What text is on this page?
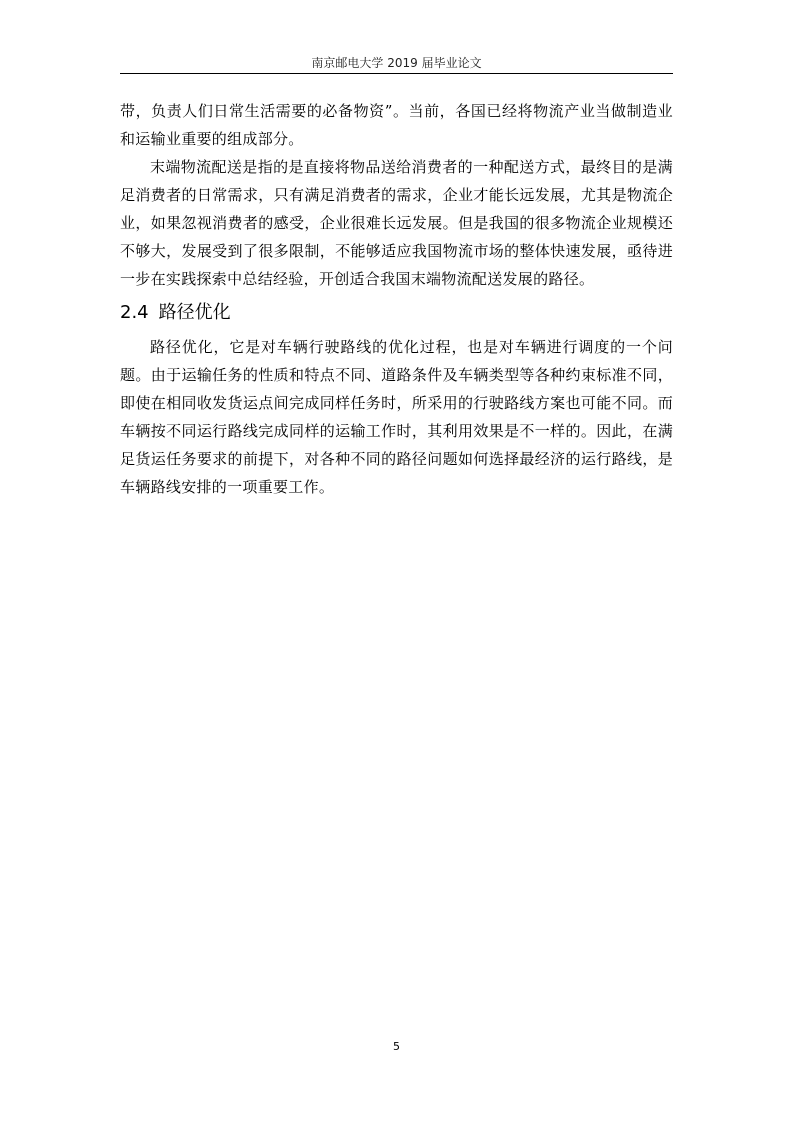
南京邮电大学 2019 届毕业论文

带，负责人们日常生活需要的必备物资”。当前，各国已经将物流产业当做制造业和运输业重要的组成部分。

末端物流配送是指的是直接将物品送给消费者的一种配送方式，最终目的是满足消费者的日常需求，只有满足消费者的需求，企业才能长远发展，尤其是物流企业，如果忽视消费者的感受，企业很难长远发展。但是我国的很多物流企业规模还不够大，发展受到了很多限制，不能够适应我国物流市场的整体快速发展，亟待进一步在实践探索中总结经验，开创适合我国末端物流配送发展的路径。

2.4 路径优化

路径优化，它是对车辆行驶路线的优化过程，也是对车辆进行调度的一个问题。由于运输任务的性质和特点不同、道路条件及车辆类型等各种约束标准不同，即使在相同收发货运点间完成同样任务时，所采用的行驶路线方案也可能不同。而车辆按不同运行路线完成同样的运输工作时，其利用效果是不一样的。因此，在满足货运任务要求的前提下，对各种不同的路径问题如何选择最经济的运行路线，是车辆路线安排的一项重要工作。

5
